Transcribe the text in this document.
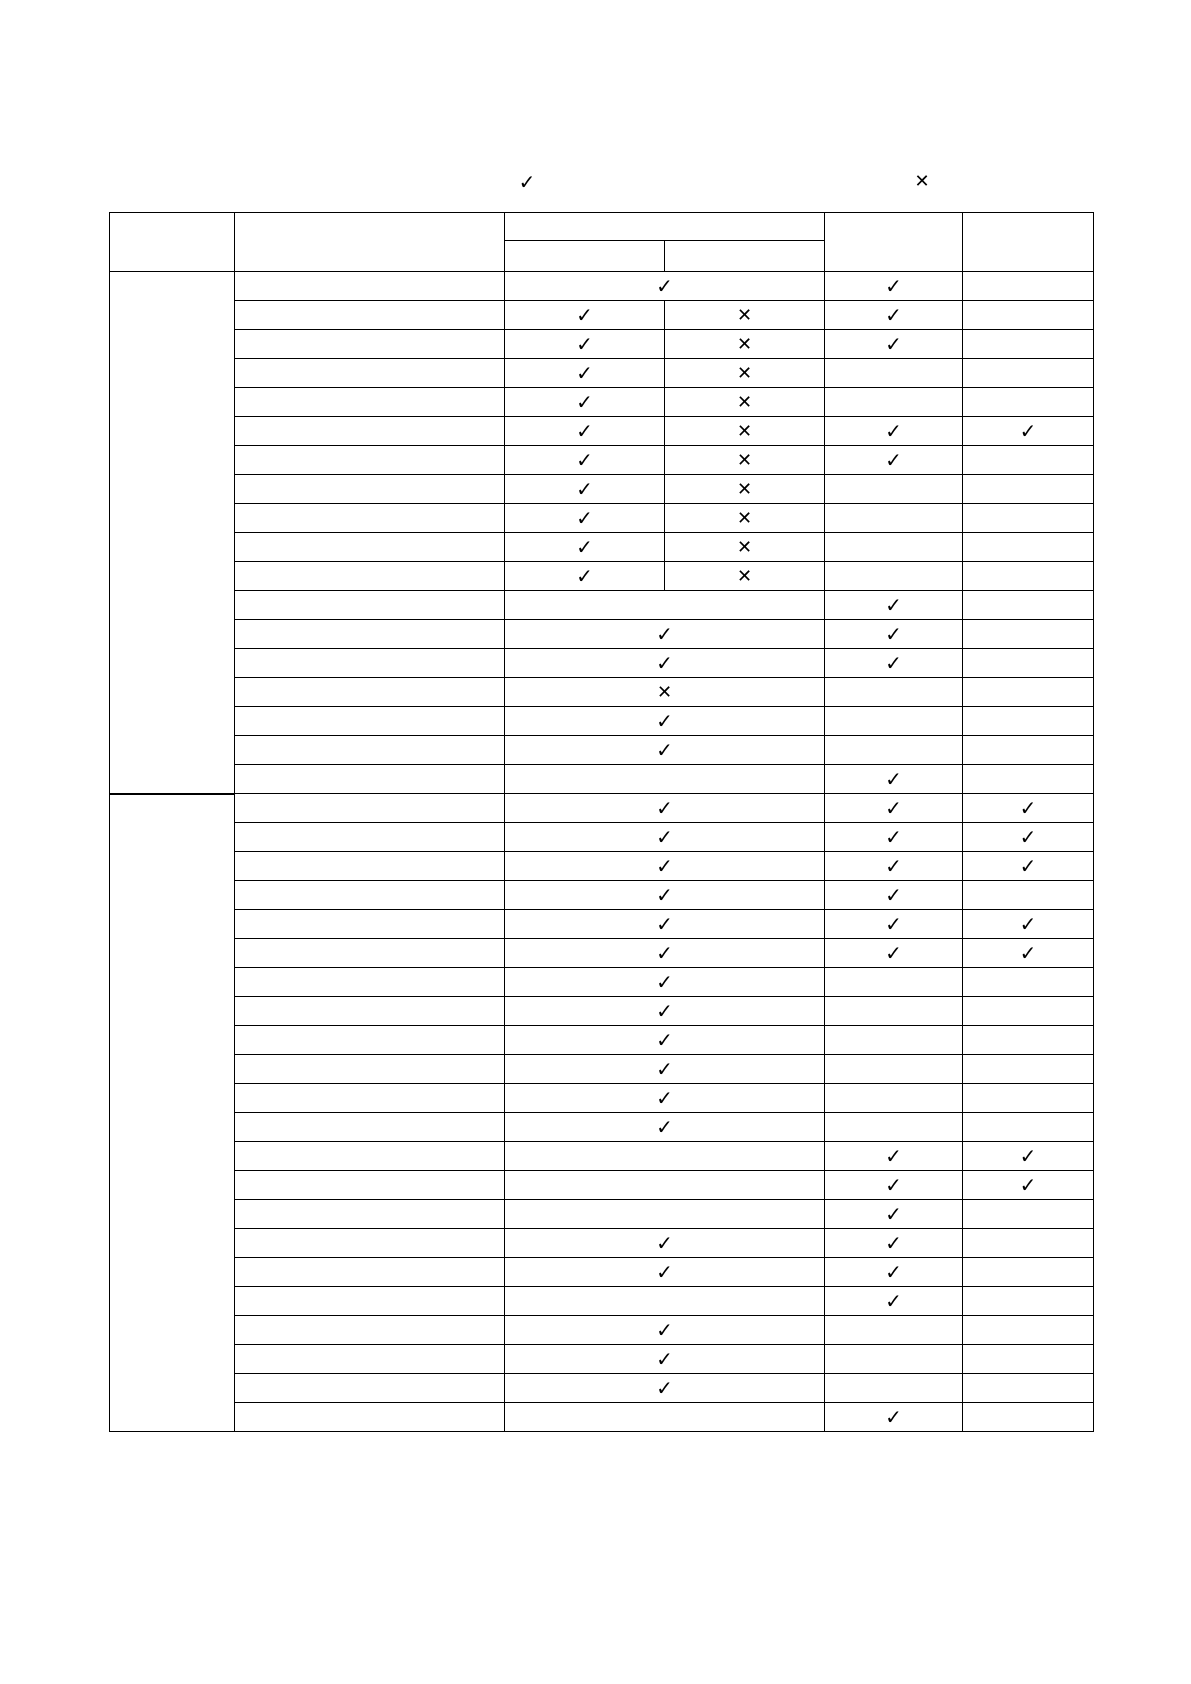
✓	✕

		✓		✓	
		✓	✕	✓	
		✓	✕	✓	
		✓	✕		
		✓	✕		
		✓	✕	✓	✓
		✓	✕	✓	
		✓	✕		
		✓	✕		
		✓	✕		
		✓	✕		
				✓	
		✓		✓	
		✓		✓	
		✕			
		✓			
		✓			
				✓	
		✓		✓	✓
		✓		✓	✓
		✓		✓	✓
		✓		✓	
		✓		✓	✓
		✓		✓	✓
		✓			
		✓			
		✓			
		✓			
		✓			
		✓			
				✓	✓
				✓	✓
				✓	
		✓		✓	
		✓		✓	
				✓	
		✓			
		✓			
		✓			
				✓	
